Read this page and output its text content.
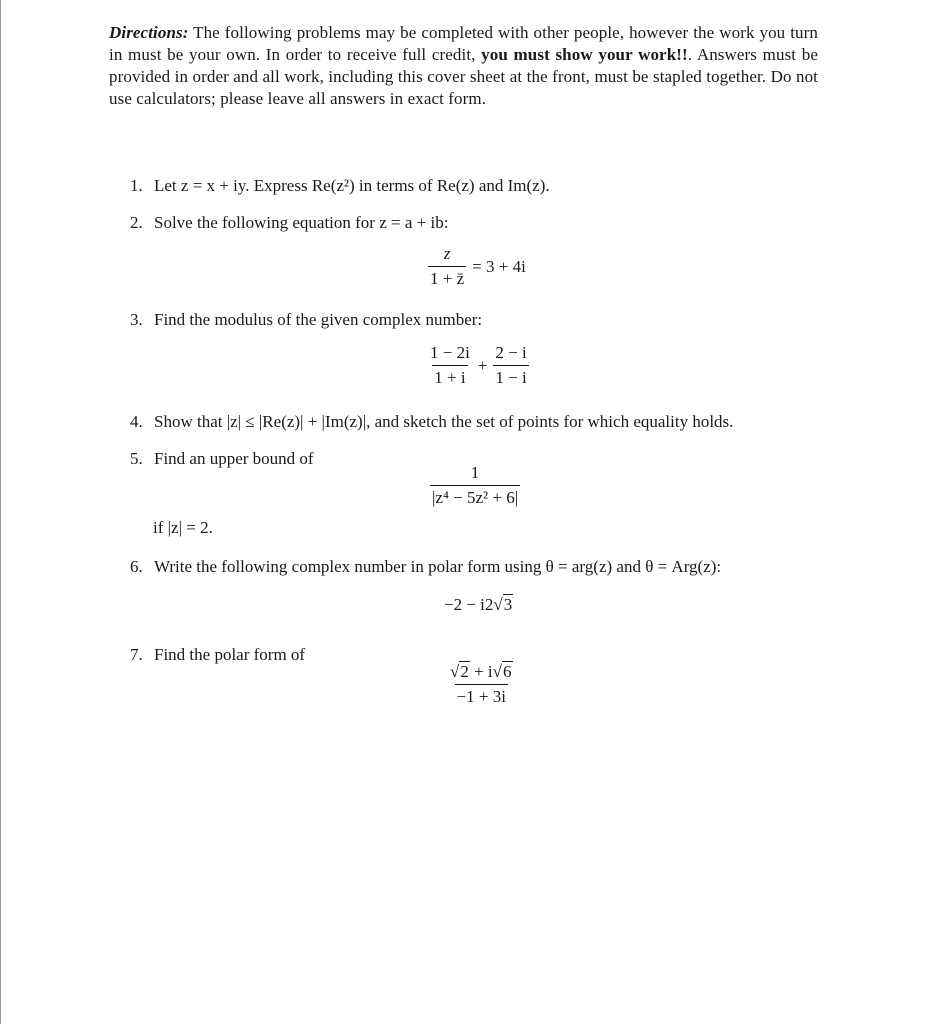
Directions: The following problems may be completed with other people, however the work you turn in must be your own. In order to receive full credit, you must show your work!!. Answers must be provided in order and all work, including this cover sheet at the front, must be stapled together. Do not use calculators; please leave all answers in exact form.

1. Let z = x + iy. Express Re(z²) in terms of Re(z) and Im(z).
2. Solve the following equation for z = a + ib:
$\frac{z}{1 + z̄} = 3 + 4i$
3. Find the modulus of the given complex number:
$\frac{1 - 2i}{1 + i} + \frac{2 - i}{1 - i}$
4. Show that |z| ≤ |Re(z)| + |Im(z)|, and sketch the set of points for which equality holds.
5. Find an upper bound of
$\frac{1}{\text{|z⁴ − 5z² + 6|}}$
if |z| = 2.
6. Write the following complex number in polar form using θ = arg(z) and θ = Arg(z):
−2 − i2√3
7. Find the polar form of
$\frac{√2 + i√6}{-1 + 3i}$
